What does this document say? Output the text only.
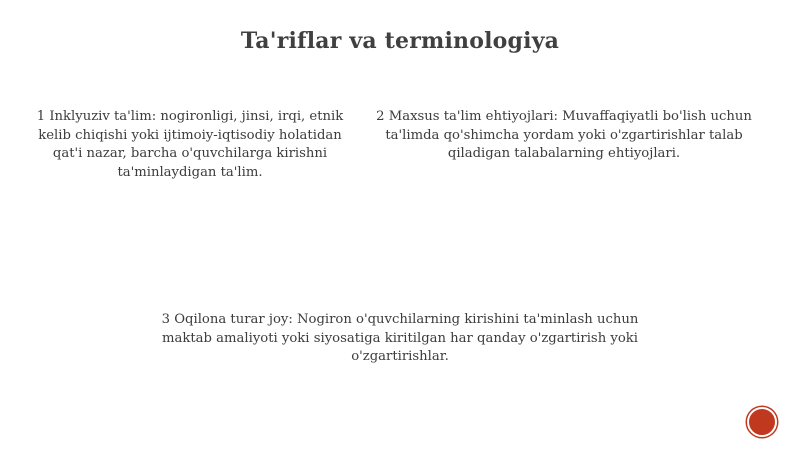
Ta'riflar va terminologiya
1 Inklyuziv ta'lim: nogironligi, jinsi, irqi, etnik kelib chiqishi yoki ijtimoiy-iqtisodiy holatidan qat'i nazar, barcha o'quvchilarga kirishni ta'minlaydigan ta'lim.
2 Maxsus ta'lim ehtiyojlari: Muvaffaqiyatli bo'lish uchun ta'limda qo'shimcha yordam yoki o'zgartirishlar talab qiladigan talabalarning ehtiyojlari.
3 Oqilona turar joy: Nogiron o'quvchilarning kirishini ta'minlash uchun maktab amaliyoti yoki siyosatiga kiritilgan har qanday o'zgartirish yoki o'zgartirishlar.
